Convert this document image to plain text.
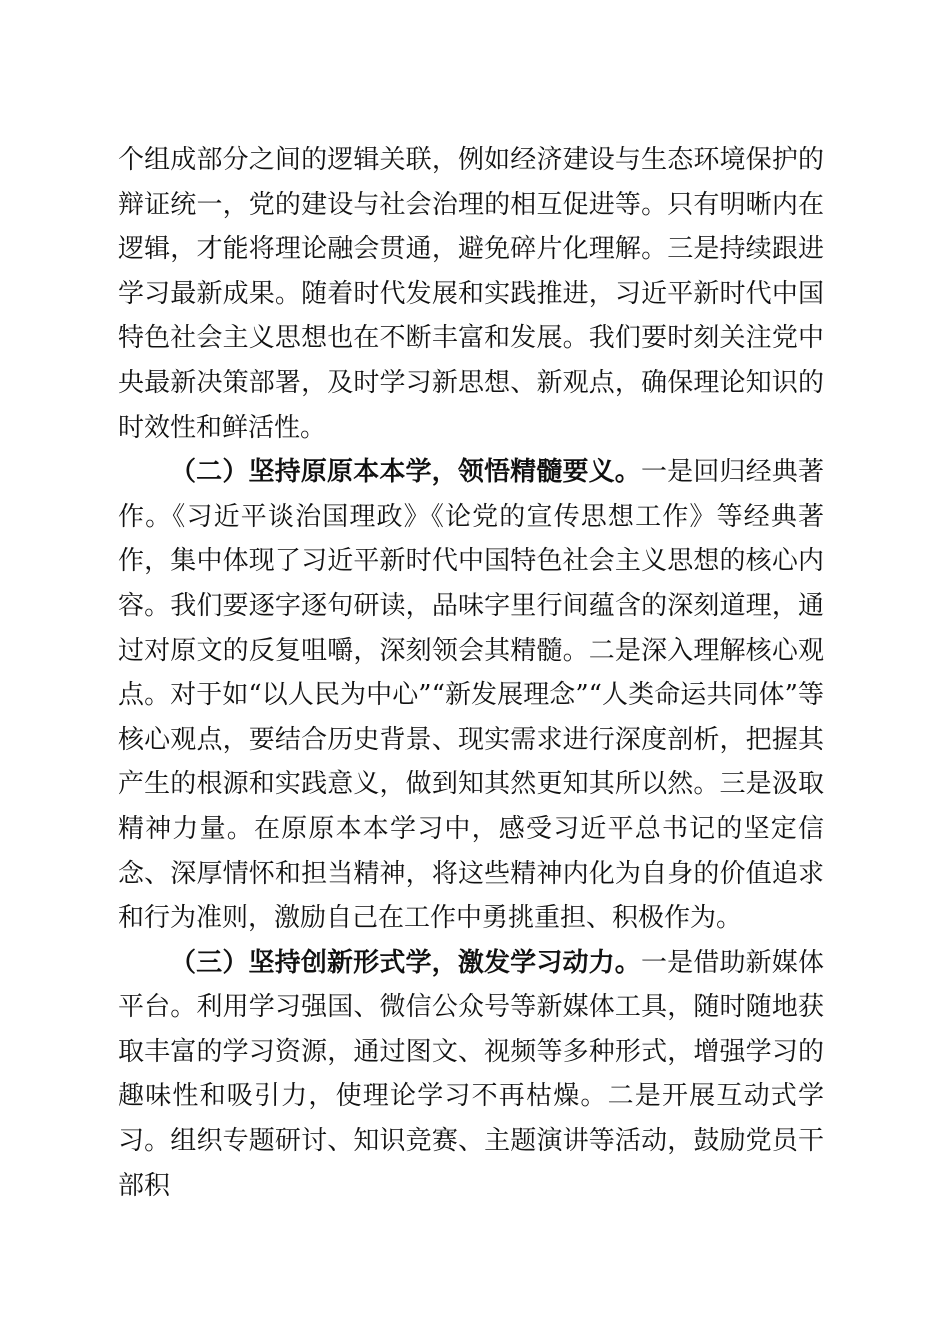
个组成部分之间的逻辑关联，例如经济建设与生态环境保护的辩证统一，党的建设与社会治理的相互促进等。只有明晰内在逻辑，才能将理论融会贯通，避免碎片化理解。三是持续跟进学习最新成果。随着时代发展和实践推进，习近平新时代中国特色社会主义思想也在不断丰富和发展。我们要时刻关注党中央最新决策部署，及时学习新思想、新观点，确保理论知识的时效性和鲜活性。

（二）坚持原原本本学，领悟精髓要义。一是回归经典著作。《习近平谈治国理政》《论党的宣传思想工作》等经典著作，集中体现了习近平新时代中国特色社会主义思想的核心内容。我们要逐字逐句研读，品味字里行间蕴含的深刻道理，通过对原文的反复咀嚼，深刻领会其精髓。二是深入理解核心观点。对于如“以人民为中心”“新发展理念”“人类命运共同体”等核心观点，要结合历史背景、现实需求进行深度剖析，把握其产生的根源和实践意义，做到知其然更知其所以然。三是汲取精神力量。在原原本本学习中，感受习近平总书记的坚定信念、深厚情怀和担当精神，将这些精神内化为自身的价值追求和行为准则，激励自己在工作中勇挑重担、积极作为。

（三）坚持创新形式学，激发学习动力。一是借助新媒体平台。利用学习强国、微信公众号等新媒体工具，随时随地获取丰富的学习资源，通过图文、视频等多种形式，增强学习的趣味性和吸引力，使理论学习不再枯燥。二是开展互动式学习。组织专题研讨、知识竞赛、主题演讲等活动，鼓励党员干部积
